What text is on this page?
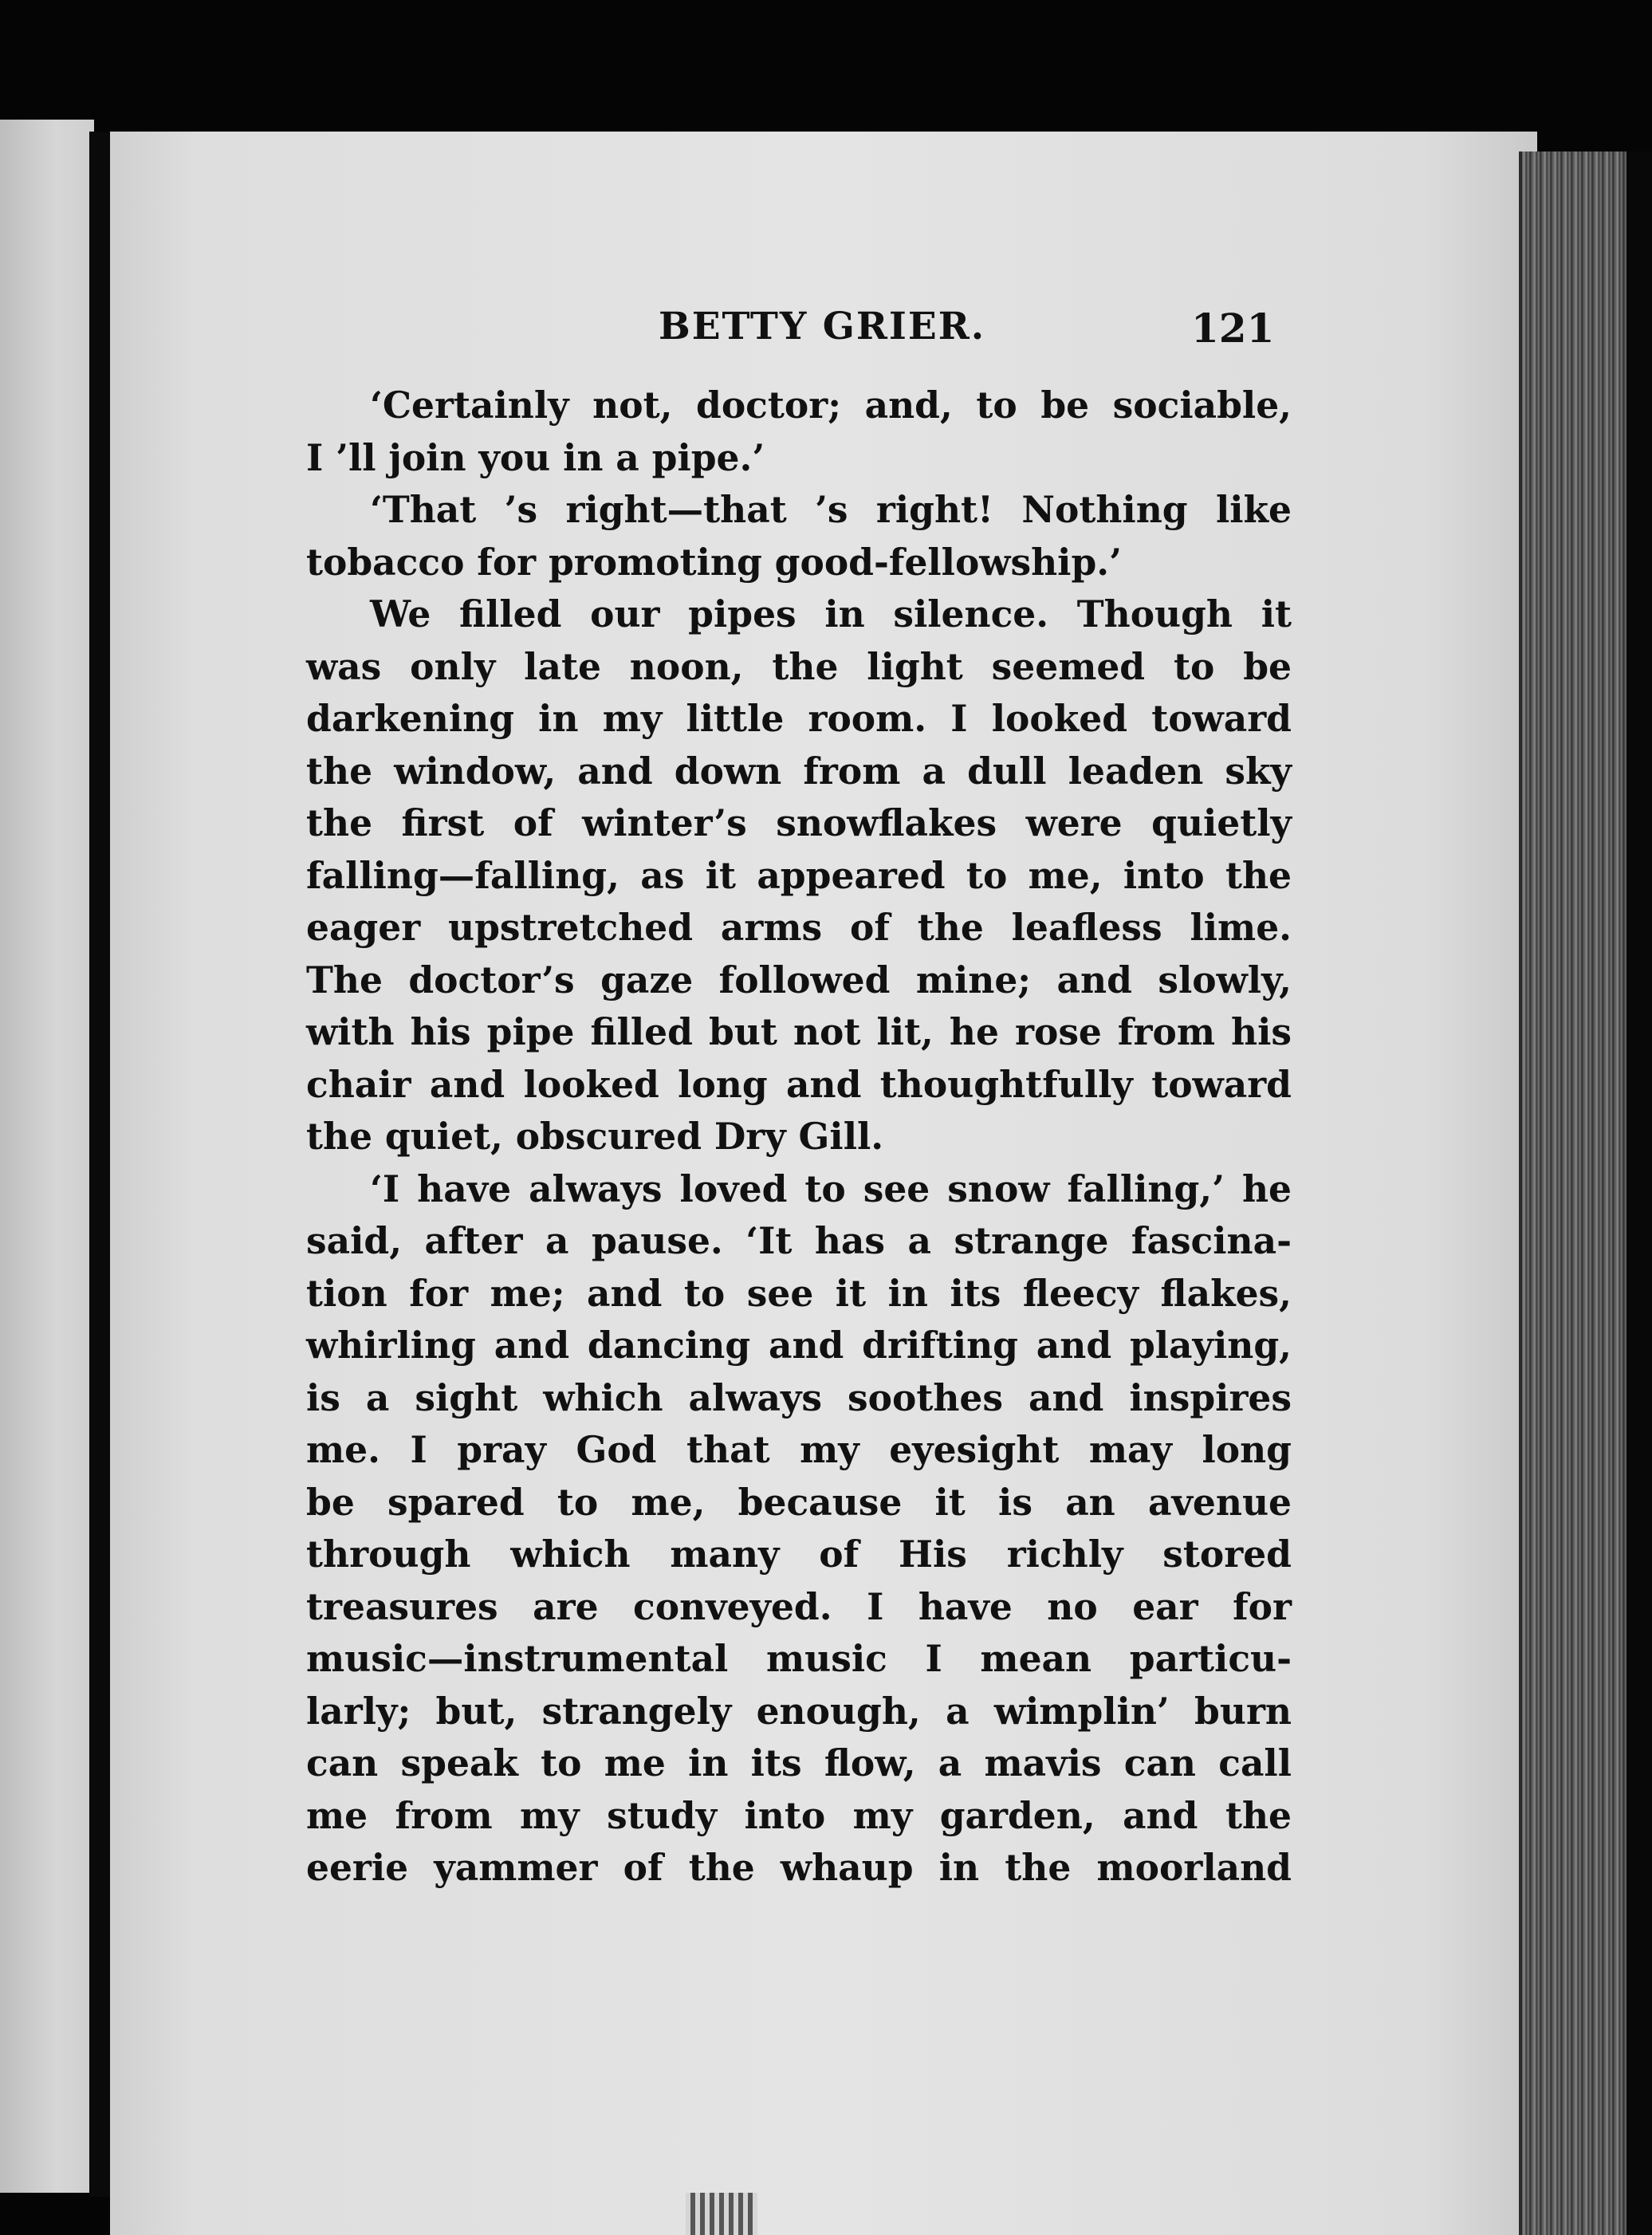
BETTY GRIER.	121
‘Certainly not, doctor; and, to be sociable,
I ’ll join you in a pipe.’
‘That ’s right—that ’s right! Nothing like
tobacco for promoting good-fellowship.’
We filled our pipes in silence. Though it
was only late noon, the light seemed to be
darkening in my little room. I looked toward
the window, and down from a dull leaden sky
the first of winter’s snowflakes were quietly
falling—falling, as it appeared to me, into the
eager upstretched arms of the leafless lime.
The doctor’s gaze followed mine; and slowly,
with his pipe filled but not lit, he rose from his
chair and looked long and thoughtfully toward
the quiet, obscured Dry Gill.
‘I have always loved to see snow falling,’ he
said, after a pause. ‘It has a strange fascina-
tion for me; and to see it in its fleecy flakes,
whirling and dancing and drifting and playing,
is a sight which always soothes and inspires
me. I pray God that my eyesight may long
be spared to me, because it is an avenue
through which many of His richly stored
treasures are conveyed. I have no ear for
music—instrumental music I mean particu-
larly; but, strangely enough, a wimplin’ burn
can speak to me in its flow, a mavis can call
me from my study into my garden, and the
eerie yammer of the whaup in the moorland
